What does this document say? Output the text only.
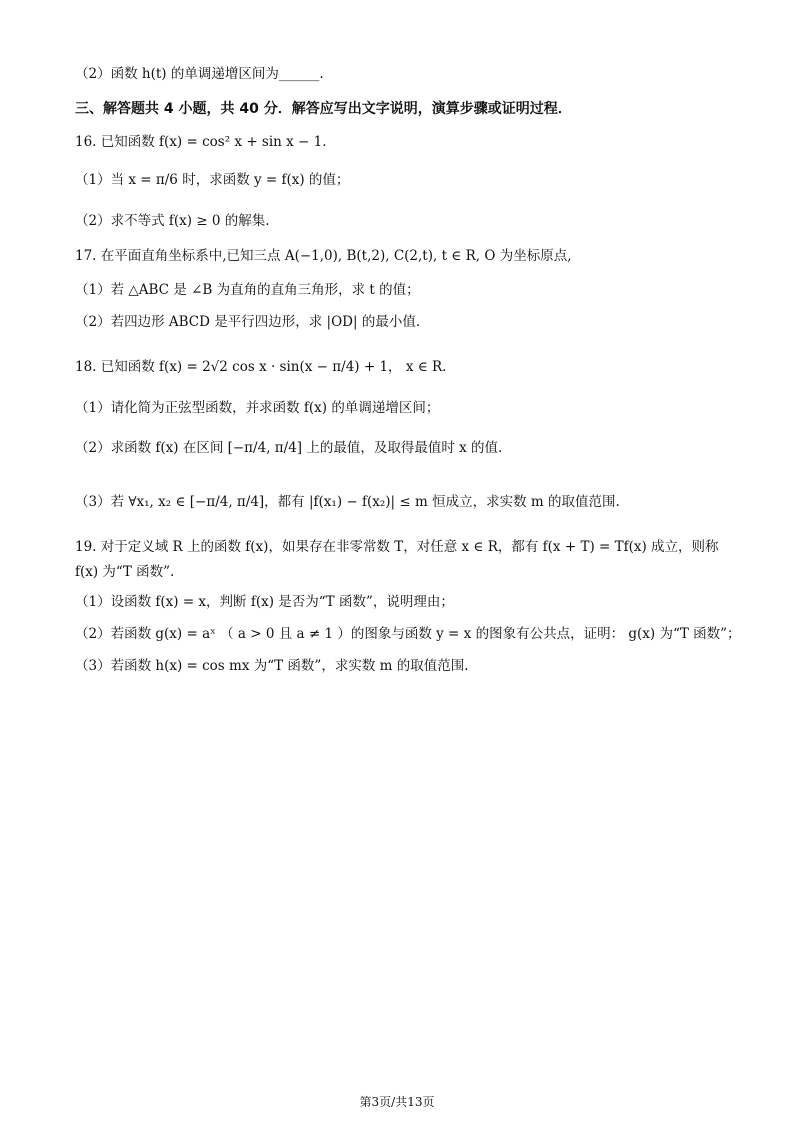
（2）函数 h(t) 的单调递增区间为______.
三、解答题共 4 小题，共 40 分．解答应写出文字说明，演算步骤或证明过程．
16. 已知函数 f(x) = cos² x + sin x − 1.
（1）当 x = π/6 时，求函数 y = f(x) 的值；
（2）求不等式 f(x) ≥ 0 的解集.
17. 在平面直角坐标系中,已知三点 A(−1,0), B(t,2), C(2,t), t ∈ R, O 为坐标原点,
（1）若 △ABC 是 ∠B 为直角的直角三角形，求 t 的值；
（2）若四边形 ABCD 是平行四边形，求 |OD| 的最小值.
18. 已知函数 f(x) = 2√2 cos x · sin(x − π/4) + 1， x ∈ R.
（1）请化简为正弦型函数，并求函数 f(x) 的单调递增区间；
（2）求函数 f(x) 在区间 [−π/4, π/4] 上的最值，及取得最值时 x 的值.
（3）若 ∀x₁, x₂ ∈ [−π/4, π/4]，都有 |f(x₁) − f(x₂)| ≤ m 恒成立，求实数 m 的取值范围.
19. 对于定义域 R 上的函数 f(x)，如果存在非零常数 T，对任意 x ∈ R，都有 f(x + T) = Tf(x) 成立，则称
f(x) 为“T 函数”.
（1）设函数 f(x) = x，判断 f(x) 是否为“T 函数”，说明理由；
（2）若函数 g(x) = aˣ （ a > 0 且 a ≠ 1 ）的图象与函数 y = x 的图象有公共点，证明： g(x) 为“T 函数”；
（3）若函数 h(x) = cos mx 为“T 函数”，求实数 m 的取值范围.
第3页/共13页
